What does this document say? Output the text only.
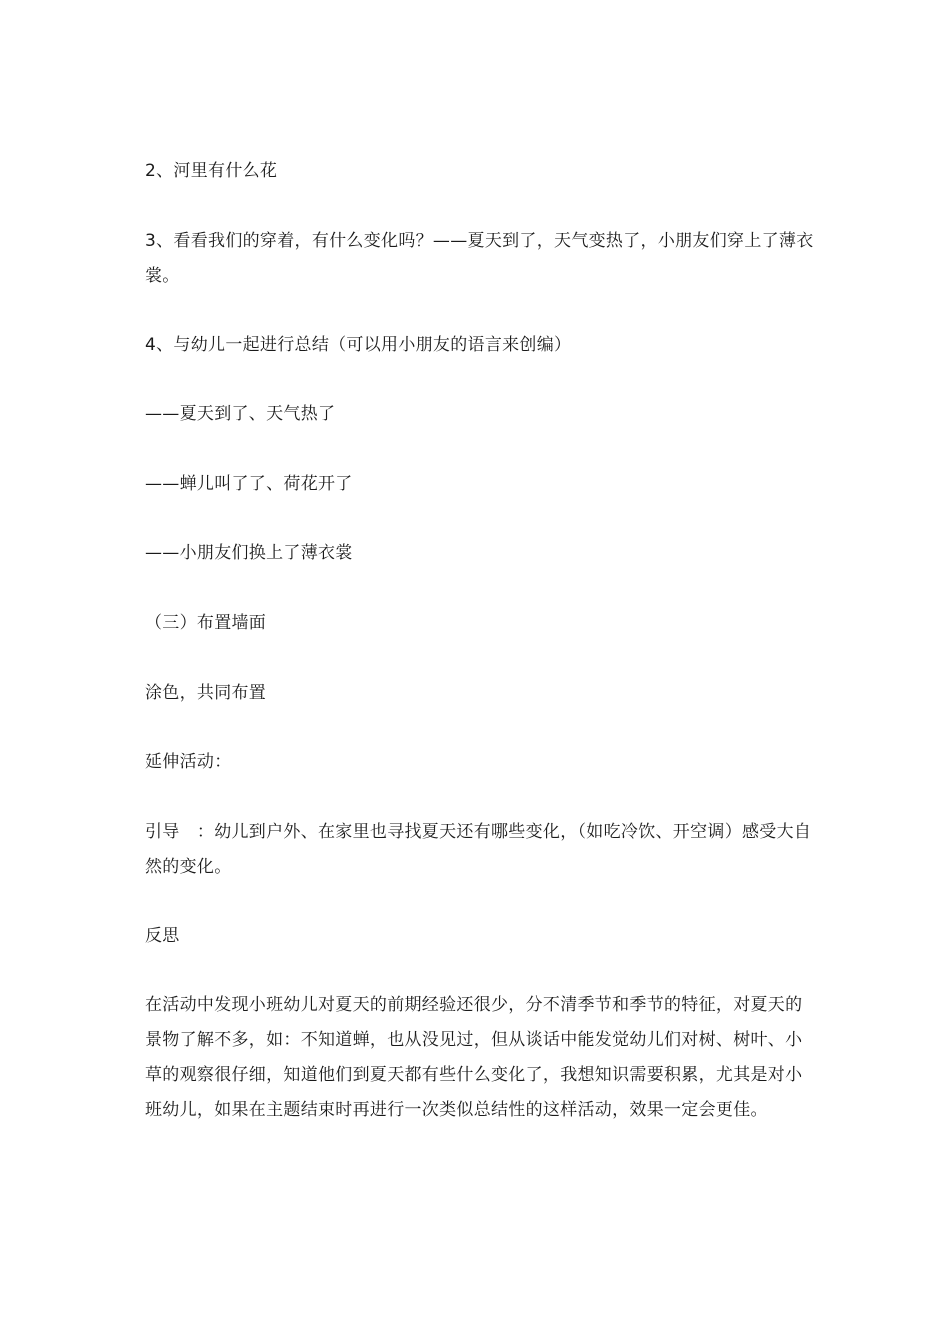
2、河里有什么花

3、看看我们的穿着，有什么变化吗？——夏天到了，天气变热了，小朋友们穿上了薄衣裳。

4、与幼儿一起进行总结（可以用小朋友的语言来创编）

——夏天到了、天气热了

——蝉儿叫了了、荷花开了

——小朋友们换上了薄衣裳

（三）布置墙面

涂色，共同布置

延伸活动：

引导　：幼儿到户外、在家里也寻找夏天还有哪些变化，（如吃冷饮、开空调）感受大自然的变化。

反思

在活动中发现小班幼儿对夏天的前期经验还很少，分不清季节和季节的特征，对夏天的景物了解不多，如：不知道蝉，也从没见过，但从谈话中能发觉幼儿们对树、树叶、小草的观察很仔细，知道他们到夏天都有些什么变化了，我想知识需要积累，尤其是对小班幼儿，如果在主题结束时再进行一次类似总结性的这样活动，效果一定会更佳。
